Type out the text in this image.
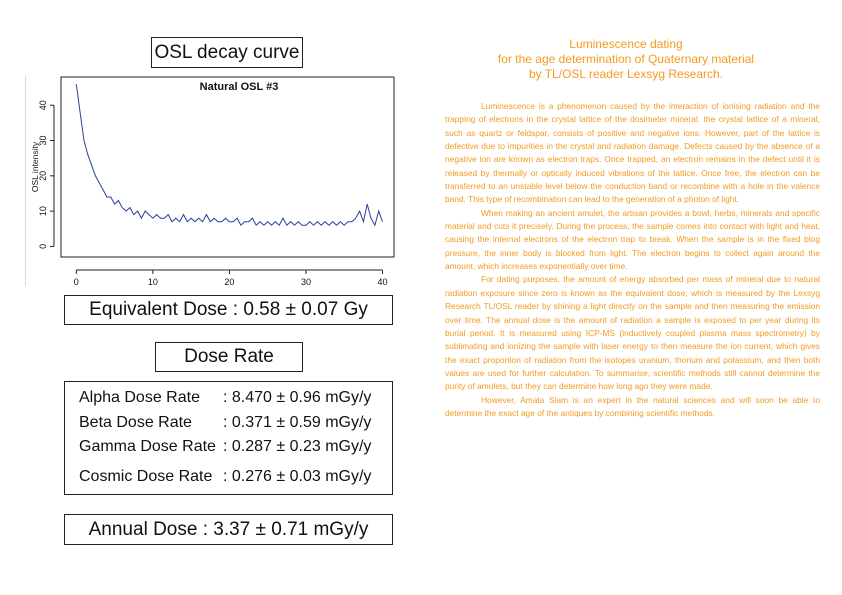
OSL decay curve
Natural OSL #3
OSL intensity
0	10	20	30	40
0
10
20
30
40
Equivalent Dose : 0.58 ± 0.07 Gy
Dose Rate
Alpha Dose Rate : 8.470 ± 0.96 mGy/y
Beta Dose Rate : 0.371 ± 0.59 mGy/y
Gamma Dose Rate : 0.287 ± 0.23 mGy/y
Cosmic Dose Rate : 0.276 ± 0.03 mGy/y
Annual Dose : 3.37 ± 0.71 mGy/y
Luminescence dating
for the age determination of Quaternary material
by TL/OSL reader Lexsyg Research.

Luminescence is a phenomenon caused by the interaction of ionising radiation and the trapping of electrons in the crystal lattice of the dosimeter mineral. the crystal lattice of a mineral, such as quartz or feldspar, consists of positive and negative ions. However, part of the lattice is defective due to impurities in the crystal and radiation damage. Defects caused by the absence of a negative ion are known as electron traps. Once trapped, an electron remains in the defect until it is released by thermally or optically induced vibrations of the lattice. Once free, the electron can be transferred to an unstable level below the conduction band or recombine with a hole in the valence band. This type of recombination can lead to the generation of a photon of light.

When making an ancient amulet, the artisan provides a bowl, herbs, minerals and specific material and cuts it precisely. During the process, the sample comes into contact with light and heat, causing the internal electrons of the electron trap to break. When the sample is in the fixed blog pressure, the inner body is blocked from light. The electron begins to collect again around the amount, which increases exponentially over time.

For dating purposes, the amount of energy absorbed per mass of mineral due to natural radiation exposure since zero is known as the equivalent dose, which is measured by the Lexsyg Research TL/OSL reader by shining a light directly on the sample and then measuring the emission over time. The annual dose is the amount of radiation a sample is exposed to per year during its burial period. It is measured using ICP-MS (inductively coupled plasma mass spectrometry) by sublimating and ionizing the sample with laser energy to then measure the ion current, which gives the exact proportion of radiation from the isotopes uranium, thorium and potassium, and then both values are used for further calculation. To summarise, scientific methods still cannot determine the purity of amulets, but they can determine how long ago they were made.

However, Amata Siam is an expert in the natural sciences and will soon be able to determine the exact age of the antiques by combining scientific methods.
